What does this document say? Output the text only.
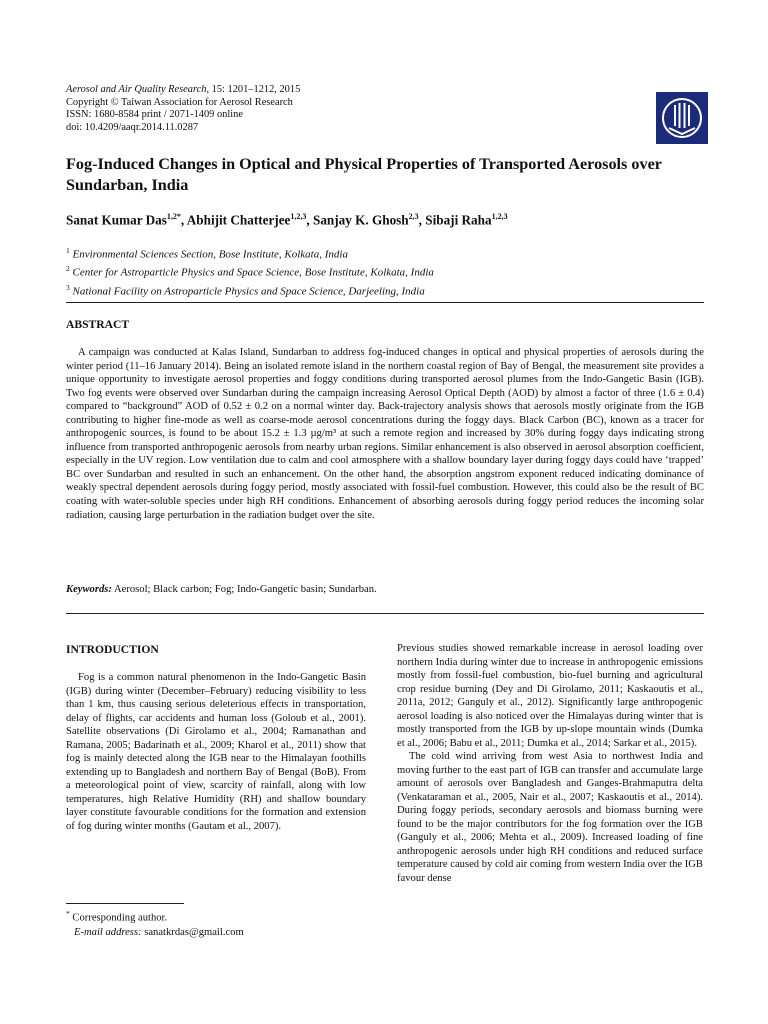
Aerosol and Air Quality Research, 15: 1201–1212, 2015
Copyright © Taiwan Association for Aerosol Research
ISSN: 1680-8584 print / 2071-1409 online
doi: 10.4209/aaqr.2014.11.0287
Fog-Induced Changes in Optical and Physical Properties of Transported Aerosols over Sundarban, India
Sanat Kumar Das$^{1,2*}$, Abhijit Chatterjee$^{1,2,3}$, Sanjay K. Ghosh$^{2,3}$, Sibaji Raha$^{1,2,3}$
$^1$ Environmental Sciences Section, Bose Institute, Kolkata, India
$^2$ Center for Astroparticle Physics and Space Science, Bose Institute, Kolkata, India
$^3$ National Facility on Astroparticle Physics and Space Science, Darjeeling, India
ABSTRACT

A campaign was conducted at Kalas Island, Sundarban to address fog-induced changes in optical and physical properties of aerosols during the winter period (11–16 January 2014). Being an isolated remote island in the northern coastal region of Bay of Bengal, the measurement site provides a unique opportunity to investigate aerosol properties and foggy conditions during transported aerosol plumes from the Indo-Gangetic Basin (IGB). Two fog events were observed over Sundarban during the campaign increasing Aerosol Optical Depth (AOD) by almost a factor of three (1.6 ± 0.4) compared to “background” AOD of 0.52 ± 0.2 on a normal winter day. Back-trajectory analysis shows that aerosols mostly originate from the IGB contributing to higher fine-mode as well as coarse-mode aerosol concentrations during the foggy days. Black Carbon (BC), known as a tracer for anthropogenic sources, is found to be about 15.2 ± 1.3 µg/m³ at such a remote region and increased by 30% during foggy days indicating strong influence from transported anthropogenic aerosols from nearby urban regions. Similar enhancement is also observed in aerosol absorption coefficient, especially in the UV region. Low ventilation due to calm and cool atmosphere with a shallow boundary layer during foggy days could have ‘trapped’ BC over Sundarban and resulted in such an enhancement. On the other hand, the absorption angstrom exponent reduced indicating dominance of weakly spectral dependent aerosols during foggy period, mostly associated with fossil-fuel combustion. However, this could also be the result of BC coating with water-soluble species under high RH conditions. Enhancement of absorbing aerosols during foggy period reduces the incoming solar radiation, causing large perturbation in the radiation budget over the site.

Keywords: Aerosol; Black carbon; Fog; Indo-Gangetic basin; Sundarban.
INTRODUCTION

Fog is a common natural phenomenon in the Indo-Gangetic Basin (IGB) during winter (December–February) reducing visibility to less than 1 km, thus causing serious deleterious effects in transportation, delay of flights, car accidents and human loss (Goloub et al., 2001). Satellite observations (Di Girolamo et al., 2004; Ramanathan and Ramana, 2005; Badarinath et al., 2009; Kharol et al., 2011) show that fog is mainly detected along the IGB near to the Himalayan foothills extending up to Bangladesh and northern Bay of Bengal (BoB). From a meteorological point of view, scarcity of rainfall, along with low temperatures, high Relative Humidity (RH) and shallow boundary layer constitute favourable conditions for the formation and extension of fog during winter months (Gautam et al., 2007).

Previous studies showed remarkable increase in aerosol loading over northern India during winter due to increase in anthropogenic emissions mostly from fossil-fuel combustion, bio-fuel burning and agricultural crop residue burning (Dey and Di Girolamo, 2011; Kaskaoutis et al., 2011a, 2012; Ganguly et al., 2012). Significantly large anthropogenic aerosol loading is also noticed over the Himalayas during winter that is mostly transported from the IGB by up-slope mountain winds (Dumka et al., 2006; Babu et al., 2011; Dumka et al., 2014; Sarkar et al., 2015).

The cold wind arriving from west Asia to northwest India and moving further to the east part of IGB can transfer and accumulate large amount of aerosols over Bangladesh and Ganges-Brahmaputra delta (Venkataraman et al., 2005, Nair et al., 2007; Kaskaoutis et al., 2014). During foggy periods, secondary aerosols and biomass burning were found to be the major contributors for the fog formation over the IGB (Ganguly et al., 2006; Mehta et al., 2009). Increased loading of fine anthropogenic aerosols under high RH conditions and reduced surface temperature caused by cold air coming from western India over the IGB favour dense

* Corresponding author.
E-mail address: sanatkrdas@gmail.com
